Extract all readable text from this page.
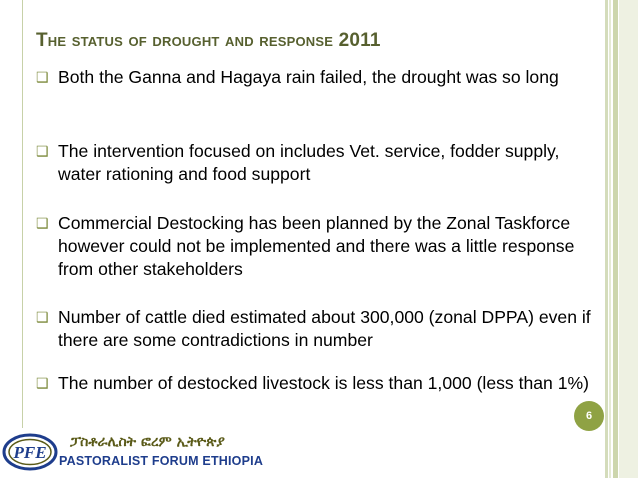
The status of drought and response 2011
❑ Both the Ganna and Hagaya rain failed, the drought was so long
❑ The intervention focused on includes Vet. service, fodder supply, water rationing and food support
❑ Commercial Destocking has been planned by the Zonal Taskforce however could not be implemented and there was a little response from other stakeholders
❑ Number of cattle died estimated about 300,000 (zonal DPPA) even if there are some contradictions in number
❑ The number of destocked livestock is less than 1,000 (less than 1%)
6
PFE
ፓስቶራሊስት ፎረም ኢትዮጵያ
PASTORALIST FORUM ETHIOPIA
